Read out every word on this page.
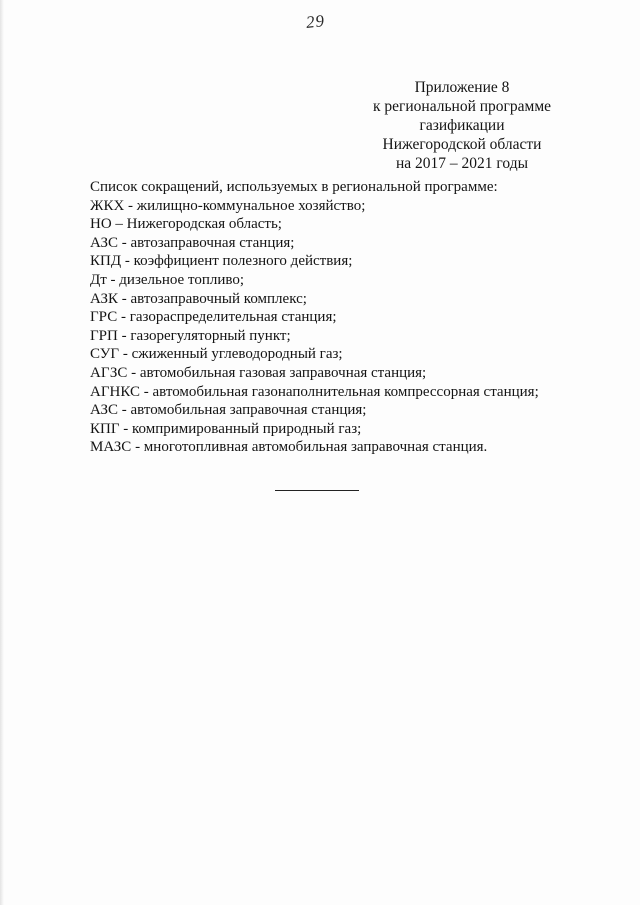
29
Приложение 8
к региональной программе
газификации
Нижегородской области
на 2017 – 2021 годы
Список сокращений, используемых в региональной программе:
ЖКХ - жилищно-коммунальное хозяйство;
НО – Нижегородская область;
АЗС - автозаправочная станция;
КПД - коэффициент полезного действия;
Дт - дизельное топливо;
АЗК - автозаправочный комплекс;
ГРС - газораспределительная станция;
ГРП - газорегуляторный пункт;
СУГ - сжиженный углеводородный газ;
АГЗС - автомобильная газовая заправочная станция;
АГНКС - автомобильная газонаполнительная компрессорная станция;
АЗС - автомобильная заправочная станция;
КПГ - компримированный природный газ;
МАЗС - многотопливная автомобильная заправочная станция.
